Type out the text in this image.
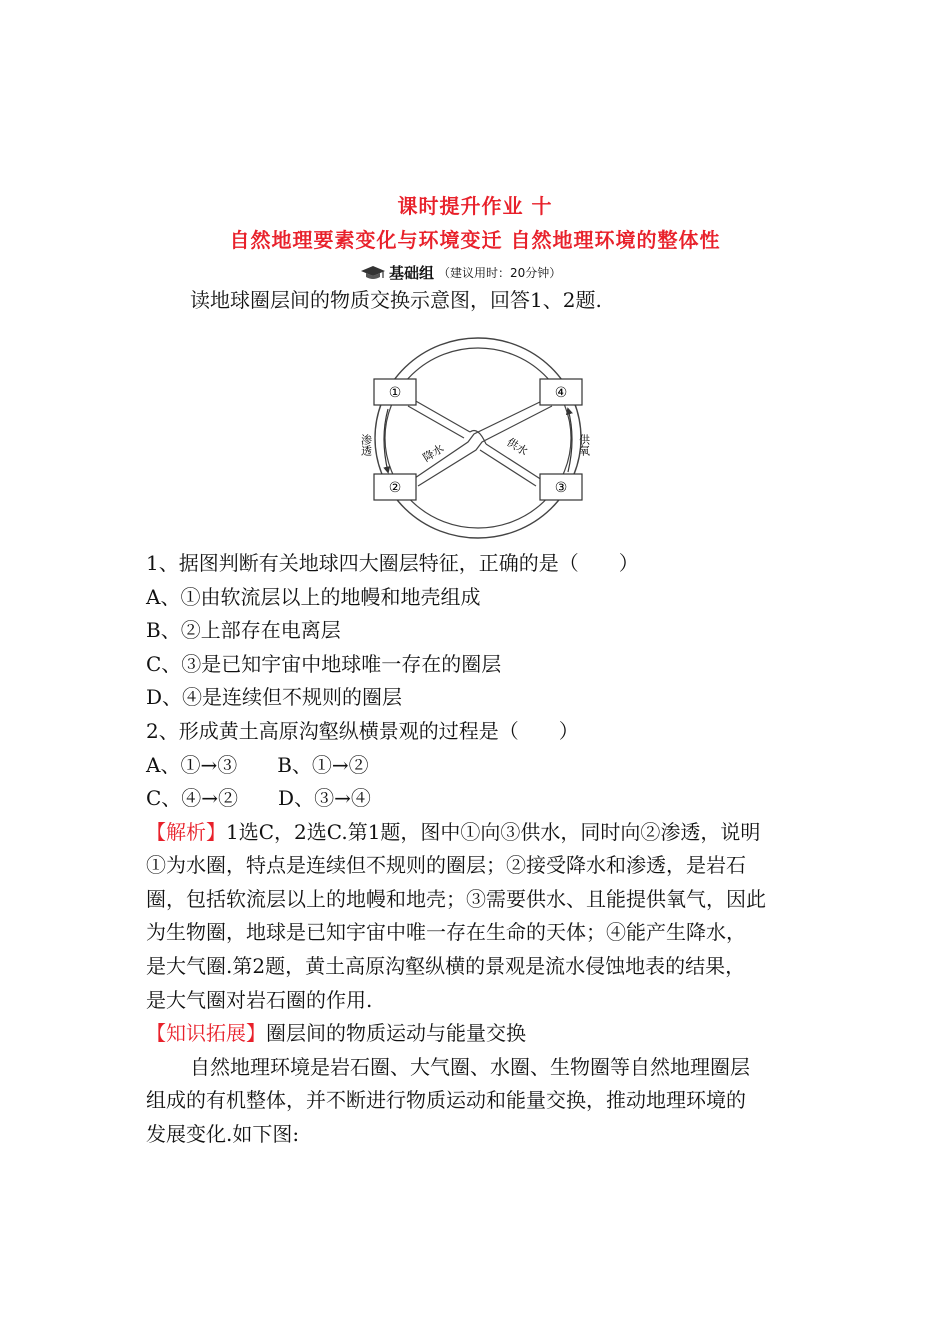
课时提升作业 十
自然地理要素变化与环境变迁 自然地理环境的整体性
基础组 （建议用时：20分钟）
读地球圈层间的物质交换示意图，回答1、2题.
①	④
②	③
渗透	供氧
降水	供水
1、据图判断有关地球四大圈层特征，正确的是（　　）
A、①由软流层以上的地幔和地壳组成
B、②上部存在电离层
C、③是已知宇宙中地球唯一存在的圈层
D、④是连续但不规则的圈层
2、形成黄土高原沟壑纵横景观的过程是（　　）
A、①→③　　B、①→②
C、④→②　　D、③→④
【解析】1选C，2选C.第1题，图中①向③供水，同时向②渗透，说明
①为水圈，特点是连续但不规则的圈层；②接受降水和渗透，是岩石
圈，包括软流层以上的地幔和地壳；③需要供水、且能提供氧气，因此
为生物圈，地球是已知宇宙中唯一存在生命的天体；④能产生降水，
是大气圈.第2题，黄土高原沟壑纵横的景观是流水侵蚀地表的结果，
是大气圈对岩石圈的作用.
【知识拓展】圈层间的物质运动与能量交换
自然地理环境是岩石圈、大气圈、水圈、生物圈等自然地理圈层
组成的有机整体，并不断进行物质运动和能量交换，推动地理环境的
发展变化.如下图:
